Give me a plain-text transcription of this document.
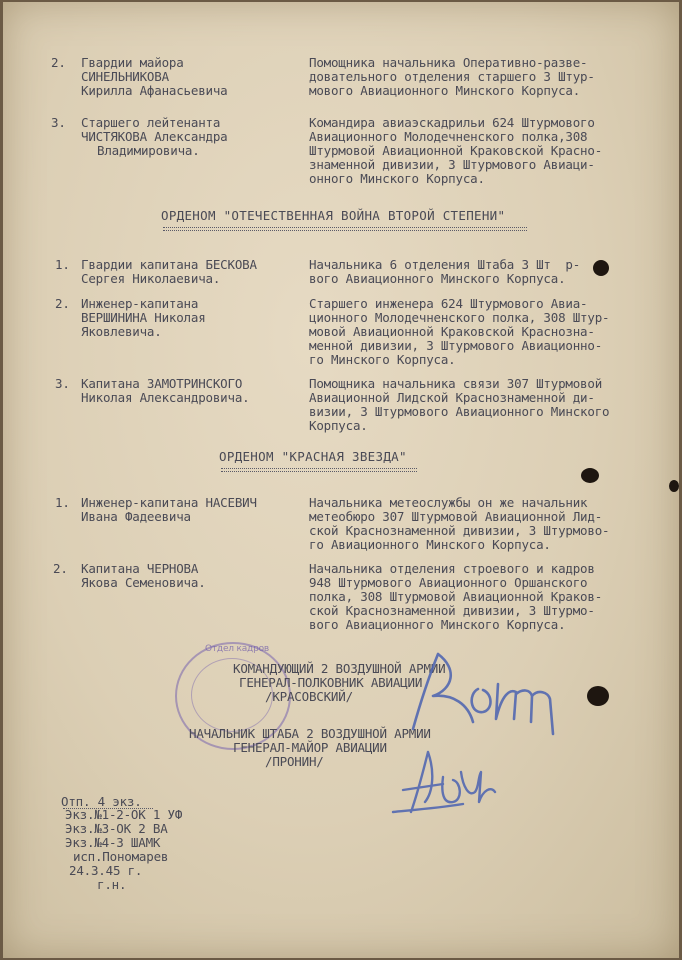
2. Гвардии майора
СИНЕЛЬНИКОВА
Кирилла Афанасьевича
Помощника начальника Оперативно-разве-
довательного отделения старшего 3 Штур-
мового Авиационного Минского Корпуса.
3. Старшего лейтенанта
ЧИСТЯКОВА Александра
Владимировича.
Командира авиаэскадрильи 624 Штурмового
Авиационного Молодечненского полка,308
Штурмовой Авиационной Краковской Красно-
знаменной дивизии, 3 Штурмового Авиаци-
онного Минского Корпуса.
ОРДЕНОМ "ОТЕЧЕСТВЕННАЯ ВОЙНА ВТОРОЙ СТЕПЕНИ"
1. Гвардии капитана БЕСКОВА
Сергея Николаевича.
Начальника 6 отделения Штаба 3 Шт  р-
вого Авиационного Минского Корпуса.
2. Инженер-капитана
ВЕРШИНИНА Николая
Яковлевича.
Старшего инженера 624 Штурмового Авиа-
ционного Молодечненского полка, 308 Штур-
мовой Авиационной Краковской Краснозна-
менной дивизии, 3 Штурмового Авиационно-
го Минского Корпуса.
3. Капитана ЗАМОТРИНСКОГО
Николая Александровича.
Помощника начальника связи 307 Штурмовой
Авиационной Лидской Краснознаменной ди-
визии, 3 Штурмового Авиационного Минского
Корпуса.
ОРДЕНОМ "КРАСНАЯ ЗВЕЗДА"
1. Инженер-капитана НАСЕВИЧ
Ивана Фадеевича
Начальника метеослужбы он же начальник
метеобюро 307 Штурмовой Авиационной Лид-
ской Краснознаменной дивизии, 3 Штурмово-
го Авиационного Минского Корпуса.
2. Капитана ЧЕРНОВА
Якова Семеновича.
Начальника отделения строевого и кадров
948 Штурмового Авиационного Оршанского
полка, 308 Штурмовой Авиационной Краков-
ской Краснознаменной дивизии, 3 Штурмо-
вого Авиационного Минского Корпуса.
Отдел кадров
КОМАНДУЮЩИЙ 2 ВОЗДУШНОЙ АРМИИ
ГЕНЕРАЛ-ПОЛКОВНИК АВИАЦИИ
/КРАСОВСКИЙ/
НАЧАЛЬНИК ШТАБА 2 ВОЗДУШНОЙ АРМИИ
ГЕНЕРАЛ-МАЙОР АВИАЦИИ
/ПРОНИН/
Отп. 4 экз.
Экз.№1-2-ОК 1 УФ
Экз.№3-ОК 2 ВА
Экз.№4-3 ШАМК
исп.Пономарев
24.3.45 г.
г.н.
